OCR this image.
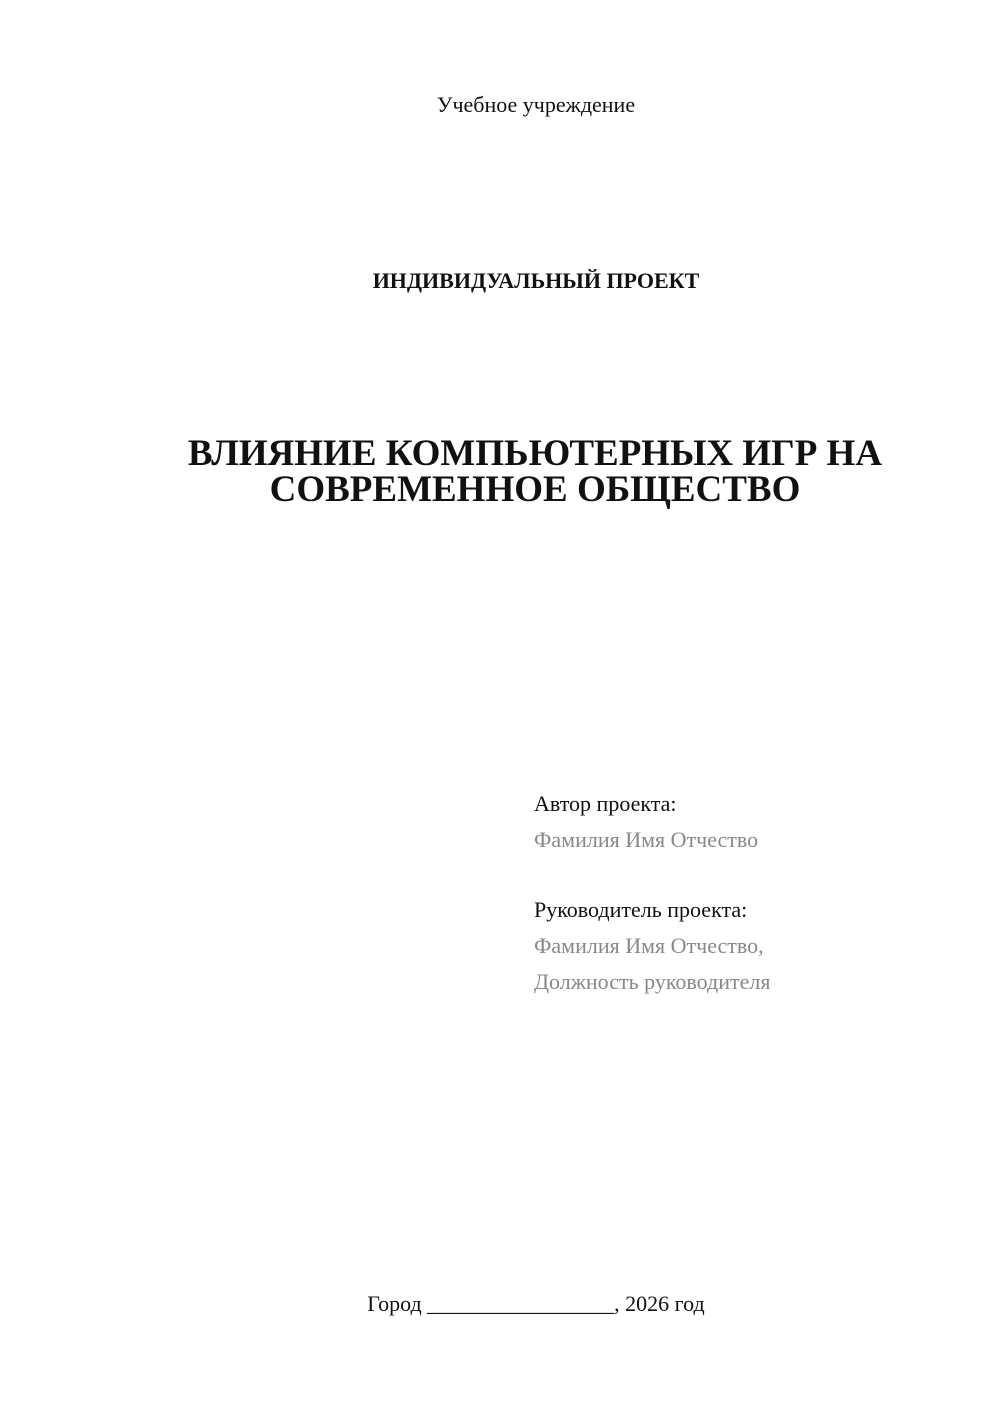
Учебное учреждение
ИНДИВИДУАЛЬНЫЙ ПРОЕКТ
ВЛИЯНИЕ КОМПЬЮТЕРНЫХ ИГР НА
СОВРЕМЕННОЕ ОБЩЕСТВО
Автор проекта:
Фамилия Имя Отчество
Руководитель проекта:
Фамилия Имя Отчество,
Должность руководителя
Город _________________, 2026 год
